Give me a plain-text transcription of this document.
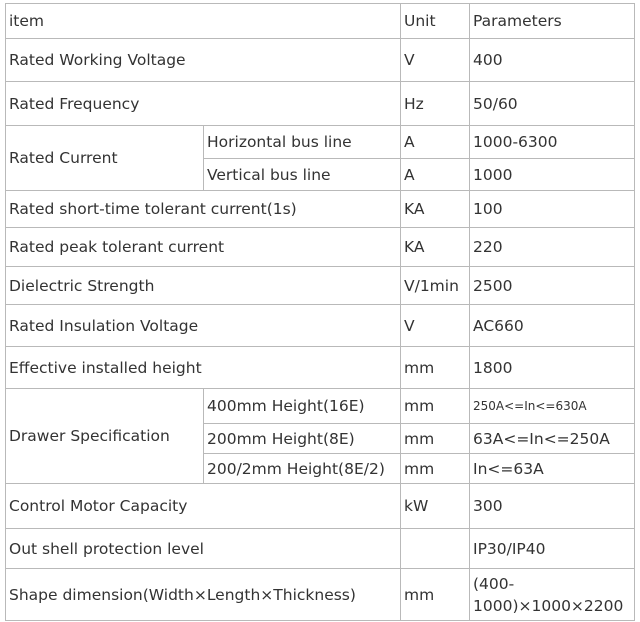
item		Unit	Parameters
Rated Working Voltage		V	400
Rated Frequency		Hz	50/60
Rated Current	Horizontal bus line	A	1000-6300
	Vertical bus line	A	1000
Rated short-time tolerant current(1s)		KA	100
Rated peak tolerant current		KA	220
Dielectric Strength		V/1min	2500
Rated Insulation Voltage		V	AC660
Effective installed height		mm	1800
Drawer Specification	400mm Height(16E)	mm	250A<=In<=630A
	200mm Height(8E)	mm	63A<=In<=250A
	200/2mm Height(8E/2)	mm	In<=63A
Control Motor Capacity		kW	300
Out shell protection level			IP30/IP40
Shape dimension(Width×Length×Thickness)		mm	(400-1000)×1000×2200
